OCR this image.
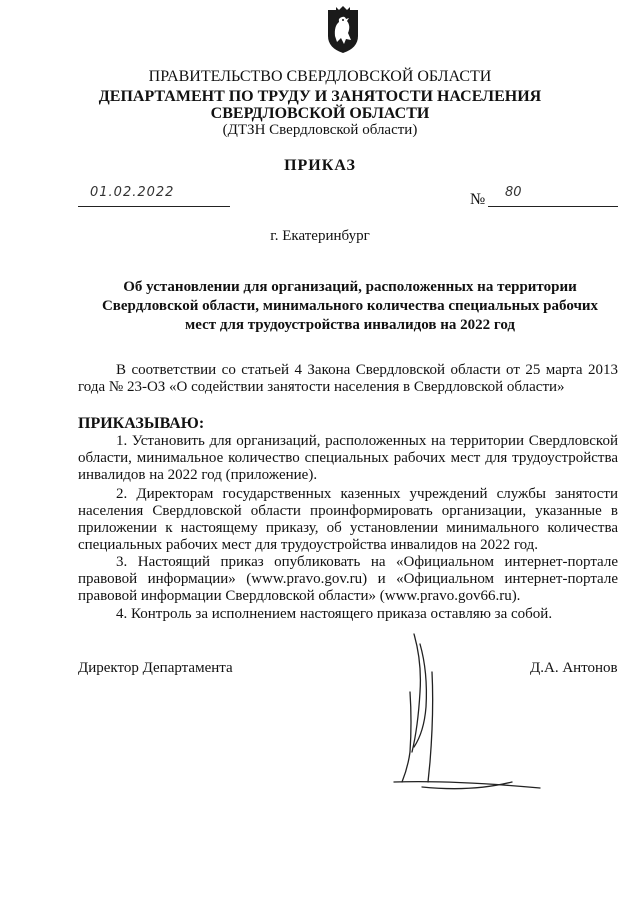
ПРАВИТЕЛЬСТВО СВЕРДЛОВСКОЙ ОБЛАСТИ
ДЕПАРТАМЕНТ ПО ТРУДУ И ЗАНЯТОСТИ НАСЕЛЕНИЯ
СВЕРДЛОВСКОЙ ОБЛАСТИ
(ДТЗН Свердловской области)
ПРИКАЗ
01.02.2022	№ 80
г. Екатеринбург
Об установлении для организаций, расположенных на территории Свердловской области, минимального количества специальных рабочих мест для трудоустройства инвалидов на 2022 год
В соответствии со статьей 4 Закона Свердловской области от 25 марта 2013 года № 23-ОЗ «О содействии занятости населения в Свердловской области»
ПРИКАЗЫВАЮ:
1. Установить для организаций, расположенных на территории Свердловской области, минимальное количество специальных рабочих мест для трудоустройства инвалидов на 2022 год (приложение).
2. Директорам государственных казенных учреждений службы занятости населения Свердловской области проинформировать организации, указанные в приложении к настоящему приказу, об установлении минимального количества специальных рабочих мест для трудоустройства инвалидов на 2022 год.
3. Настоящий приказ опубликовать на «Официальном интернет-портале правовой информации» (www.pravo.gov.ru) и «Официальном интернет-портале правовой информации Свердловской области» (www.pravo.gov66.ru).
4. Контроль за исполнением настоящего приказа оставляю за собой.
Директор Департамента	Д.А. Антонов
